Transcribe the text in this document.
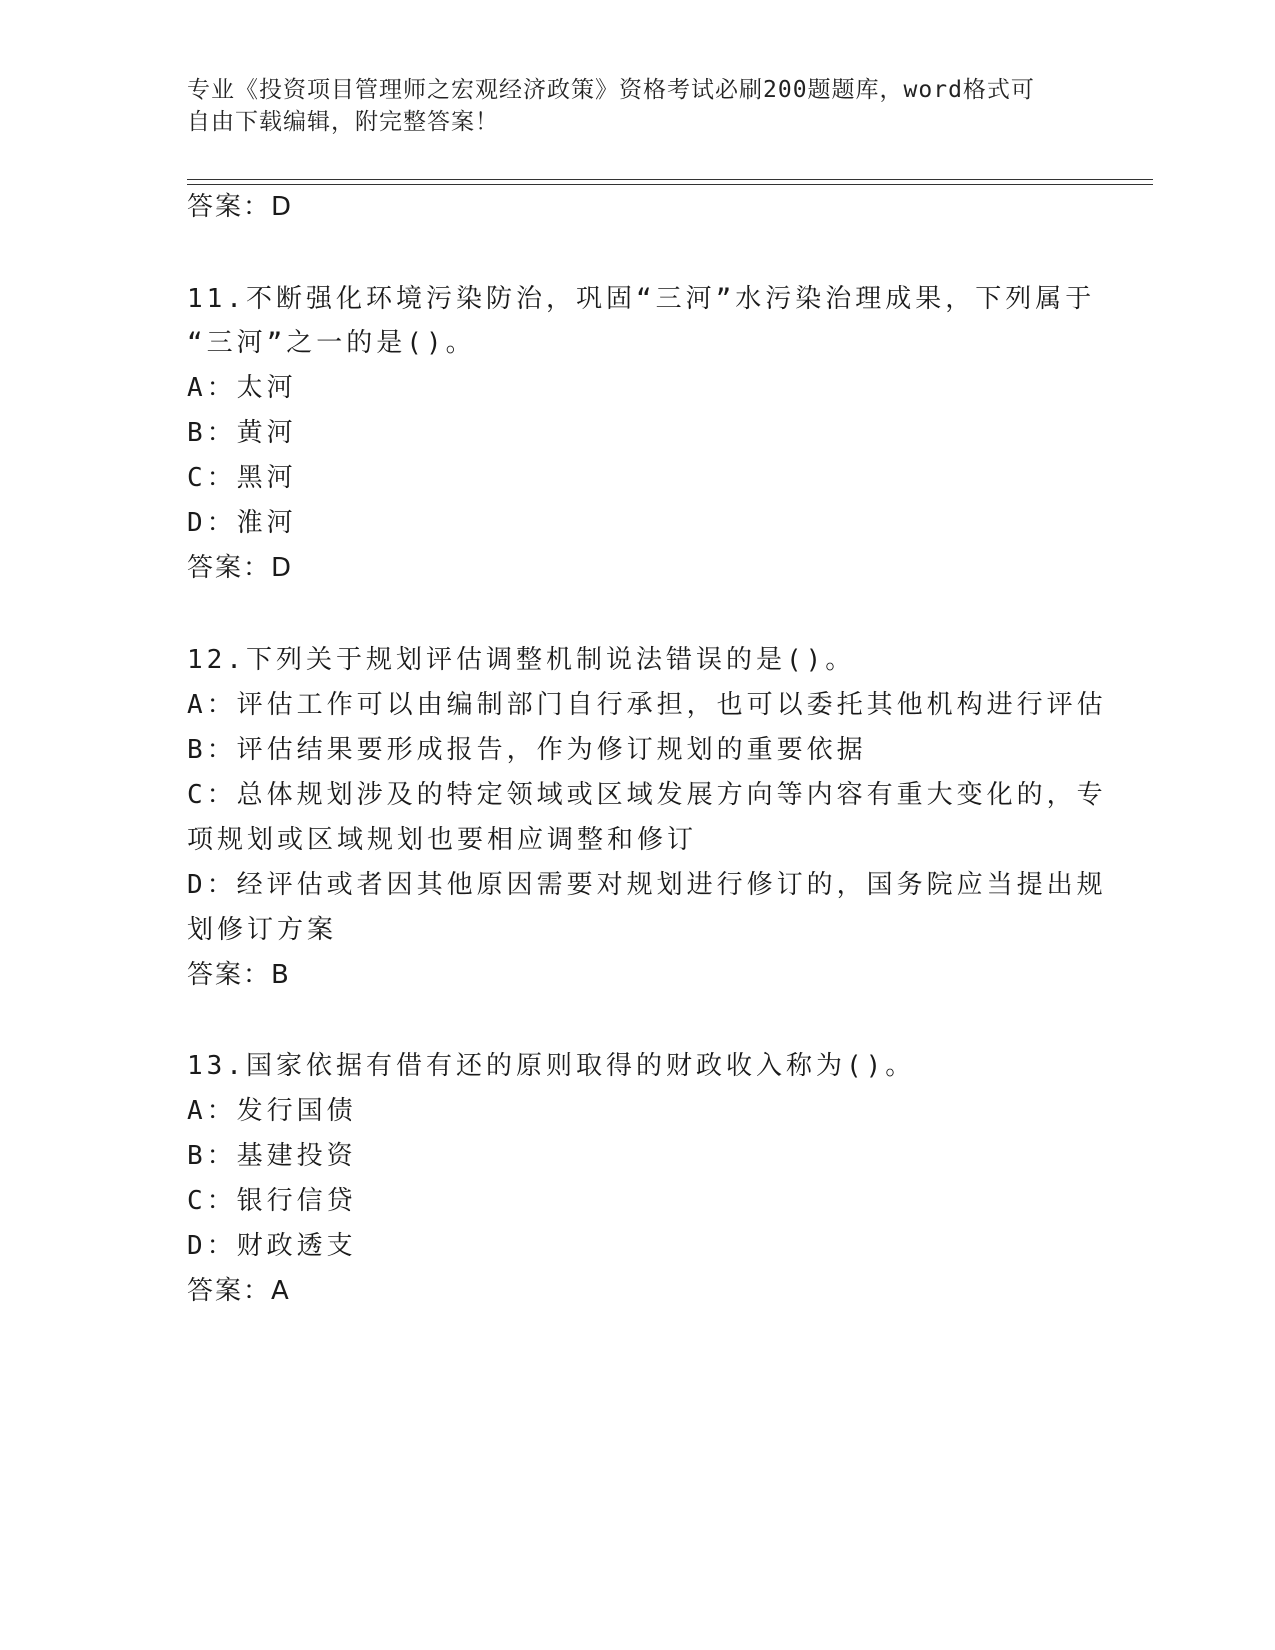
专业《投资项目管理师之宏观经济政策》资格考试必刷200题题库，word格式可
自由下载编辑，附完整答案！
答案：D
11.不断强化环境污染防治，巩固“三河”水污染治理成果，下列属于
“三河”之一的是()。
A：太河
B：黄河
C：黑河
D：淮河
答案：D
12.下列关于规划评估调整机制说法错误的是()。
A：评估工作可以由编制部门自行承担，也可以委托其他机构进行评估
B：评估结果要形成报告，作为修订规划的重要依据
C：总体规划涉及的特定领域或区域发展方向等内容有重大变化的，专
项规划或区域规划也要相应调整和修订
D：经评估或者因其他原因需要对规划进行修订的，国务院应当提出规
划修订方案
答案：B
13.国家依据有借有还的原则取得的财政收入称为()。
A：发行国债
B：基建投资
C：银行信贷
D：财政透支
答案：A
